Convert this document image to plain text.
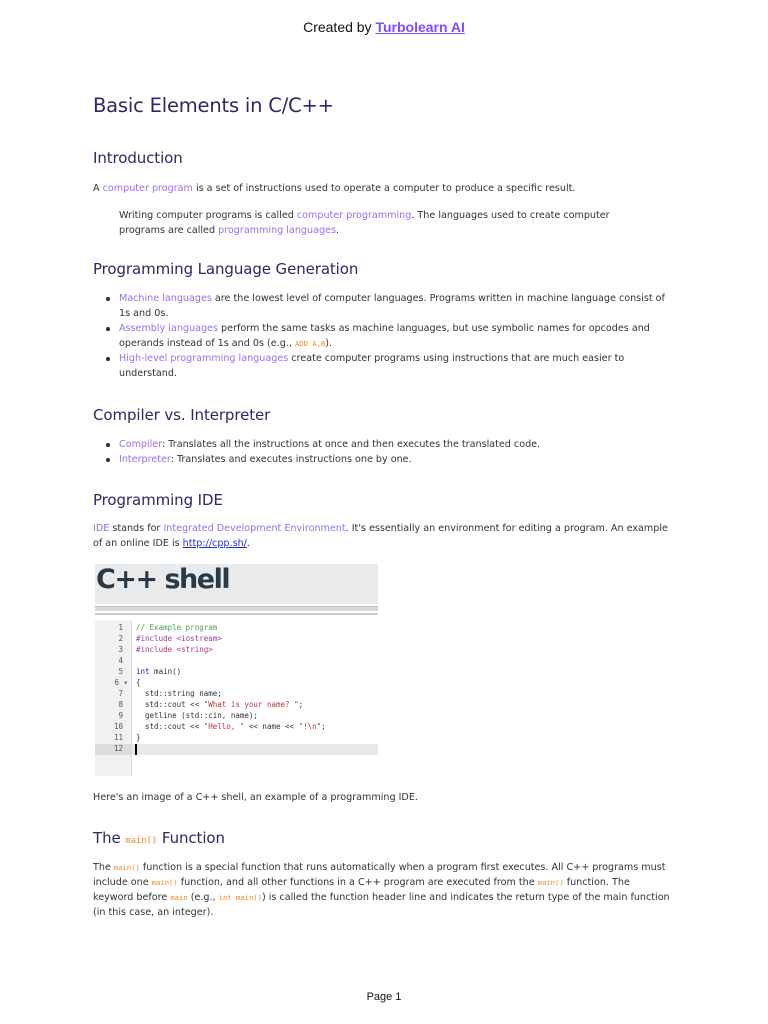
Created by Turbolearn AI
Basic Elements in C/C++
Introduction

A computer program is a set of instructions used to operate a computer to produce a specific result.

Writing computer programs is called computer programming. The languages used to create computer programs are called programming languages.

Programming Language Generation
Machine languages are the lowest level of computer languages. Programs written in machine language consist of 1s and 0s.
Assembly languages perform the same tasks as machine languages, but use symbolic names for opcodes and operands instead of 1s and 0s (e.g., ADD A,B).
High-level programming languages create computer programs using instructions that are much easier to understand.
Compiler vs. Interpreter
Compiler: Translates all the instructions at once and then executes the translated code.
Interpreter: Translates and executes instructions one by one.
Programming IDE

IDE stands for Integrated Development Environment. It's essentially an environment for editing a program. An example of an online IDE is http://cpp.sh/.

C++ shell
1
2
3
4
5
6 ▾
7
8
9
10
11
12
// Example program
#include <iostream>
#include <string>
int main()
{
std::string name;
std::cout << "What is your name? ";
getline (std::cin, name);
std::cout << "Hello, " << name << "!\n";
}

Here's an image of a C++ shell, an example of a programming IDE.

The main() Function

The main() function is a special function that runs automatically when a program first executes. All C++ programs must include one main() function, and all other functions in a C++ program are executed from the main() function. The keyword before main (e.g., int main()) is called the function header line and indicates the return type of the main function (in this case, an integer).

Page 1
